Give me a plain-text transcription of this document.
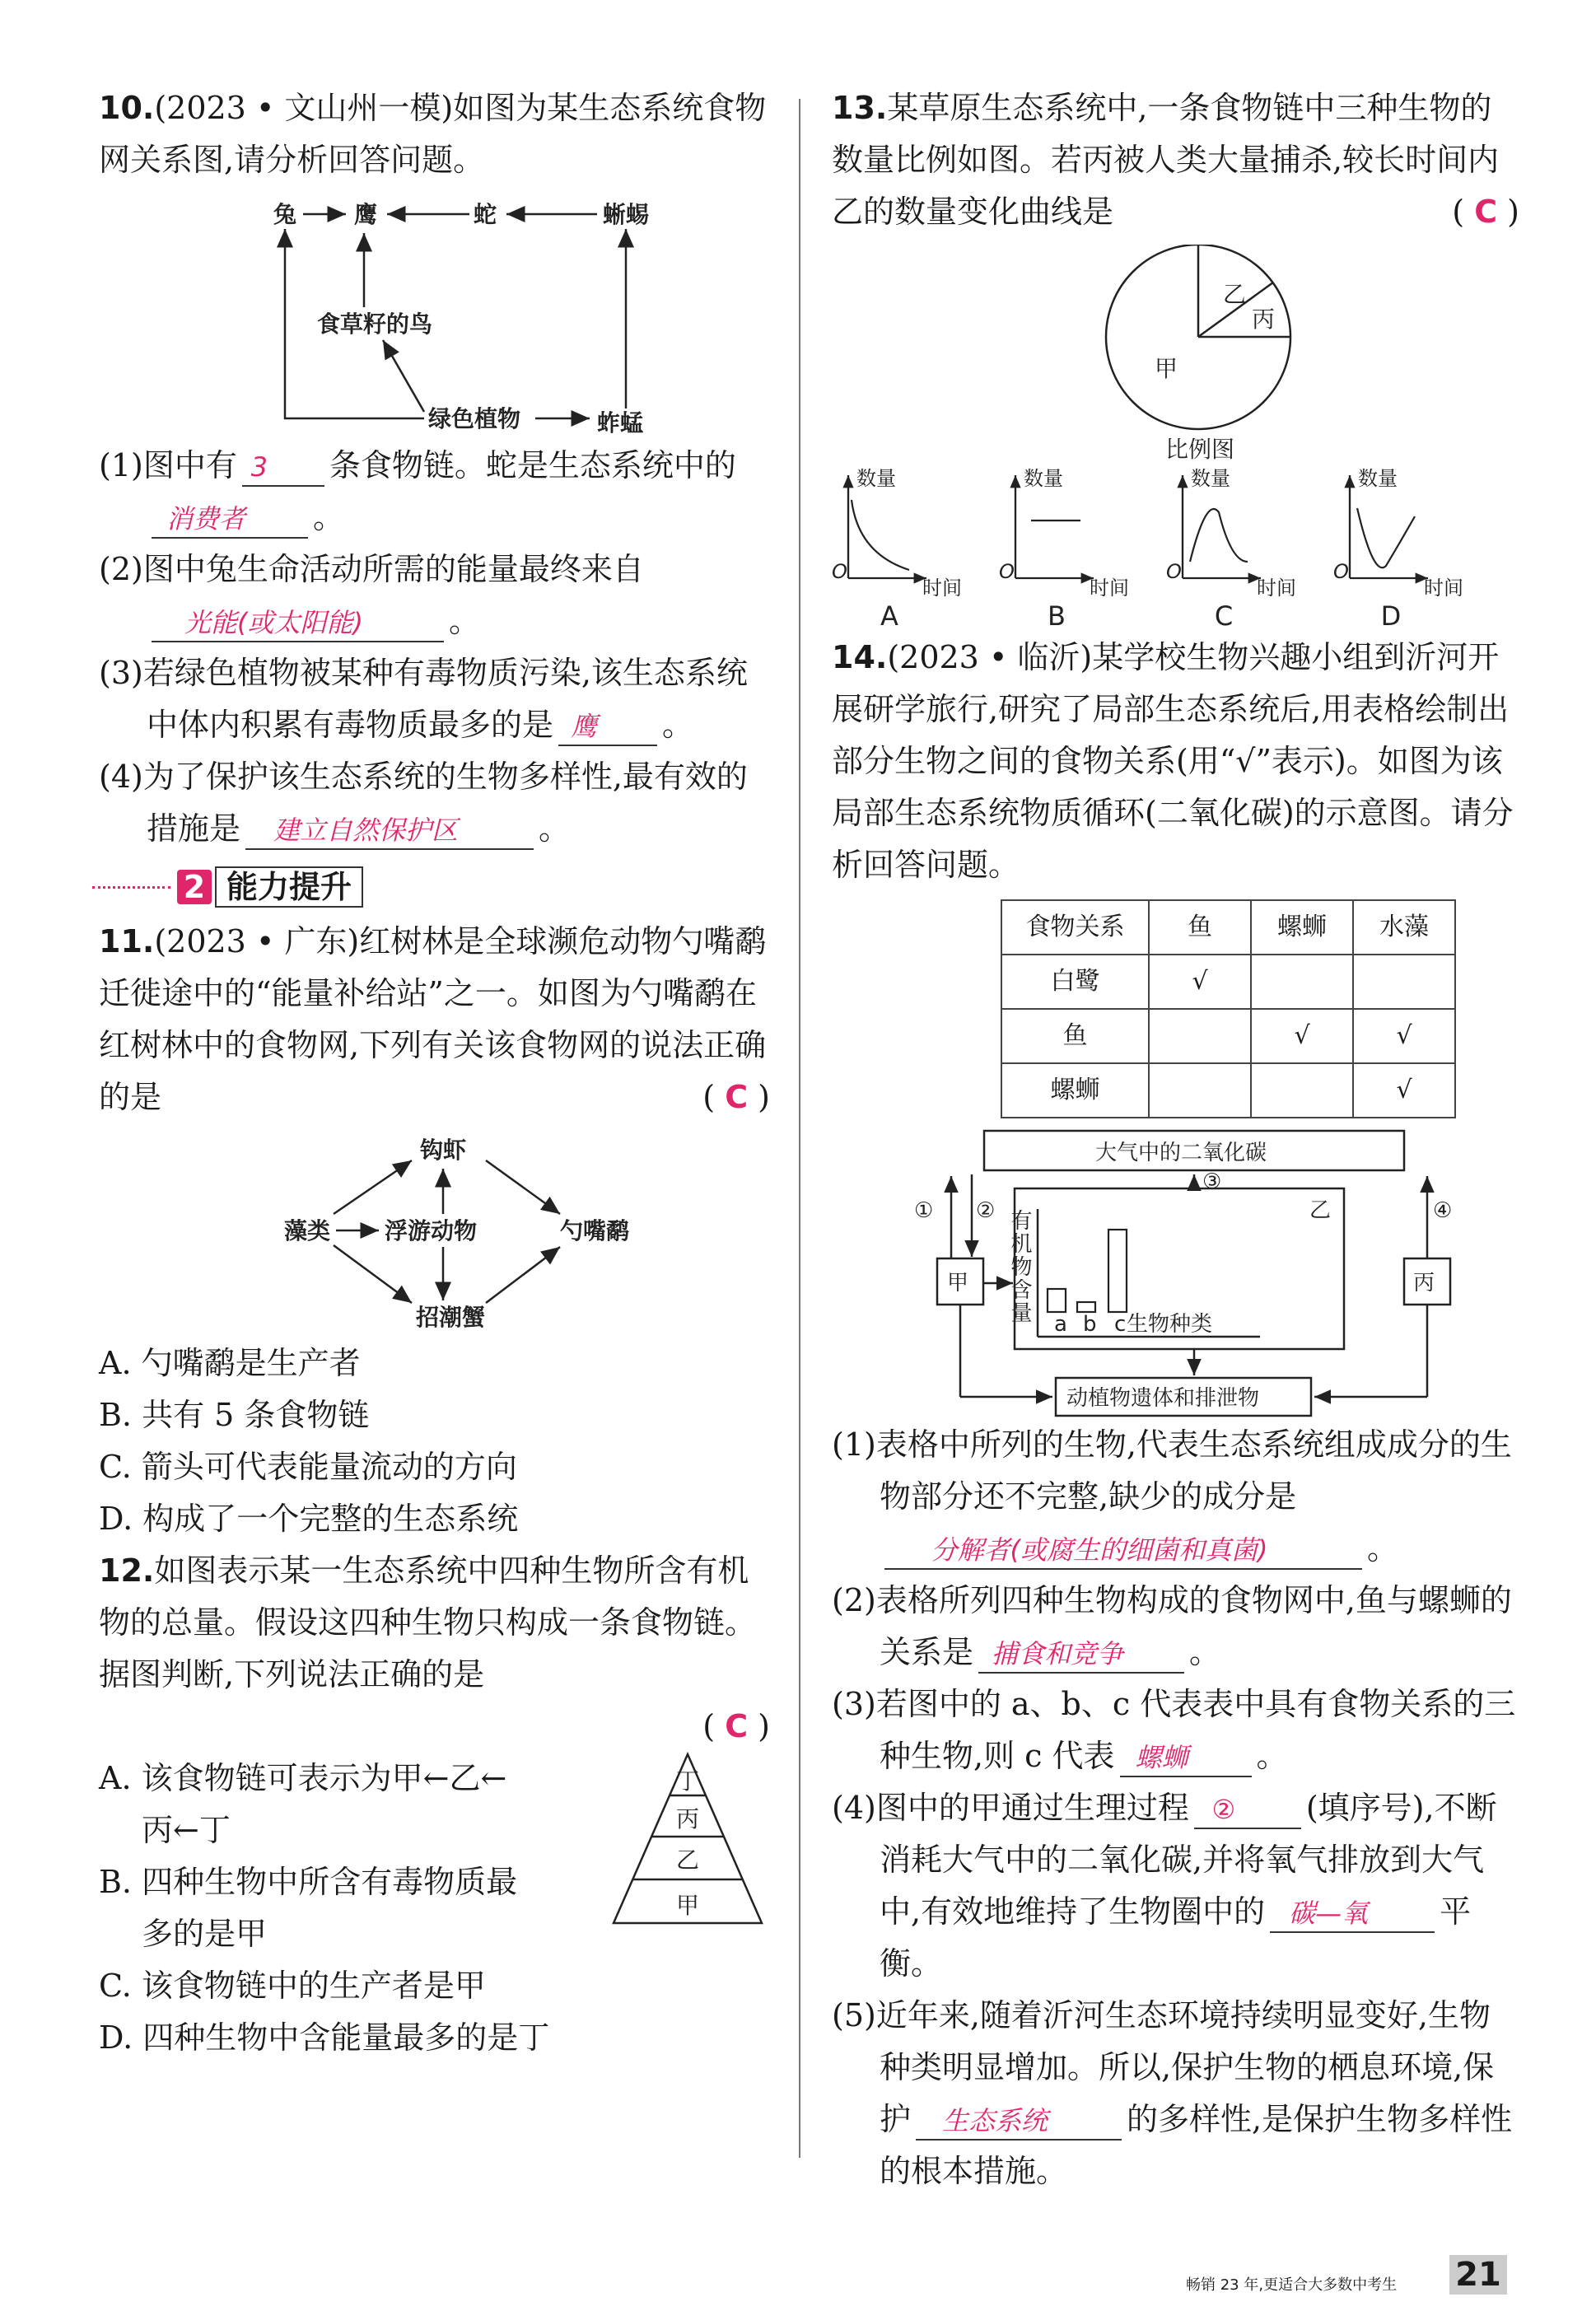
10.(2023 • 文山州一模)如图为某生态系统食物网关系图,请分析回答问题。

兔 鹰	蛇	蜥蜴
食草籽的鸟
绿色植物	蚱蜢

(1)图中有 3 条食物链。蛇是生态系统中的消费者 。

(2)图中兔生命活动所需的能量最终来自光能(或太阳能)	。

(3)若绿色植物被某种有毒物质污染,该生态系统中体内积累有毒物质最多的是 鹰 。

(4)为了保护该生态系统的生物多样性,最有效的措施是 建立自然保护区	。

2 能力提升

11.(2023 • 广东)红树林是全球濒危动物勺嘴鹬迁徙途中的“能量补给站”之一。如图为勺嘴鹬在红树林中的食物网,下列有关该食物网的说法正确的是	( C )

钩虾
藻类 浮游动物	勺嘴鹬
招潮蟹

A. 勺嘴鹬是生产者

B. 共有 5 条食物链

C. 箭头可代表能量流动的方向

D. 构成了一个完整的生态系统

12.如图表示某一生态系统中四种生物所含有机物的总量。假设这四种生物只构成一条食物链。据图判断,下列说法正确的是

( C )

A. 该食物链可表示为甲←乙←
丙←丁

B. 四种生物中所含有毒物质最
多的是甲

C. 该食物链中的生产者是甲

D. 四种生物中含能量最多的是丁

丁
丙
乙
甲

13.某草原生态系统中,一条食物链中三种生物的数量比例如图。若丙被人类大量捕杀,较长时间内乙的数量变化曲线是	( C )

乙
丙
甲
比例图
数量	数量	数量	数量
O	O	O	O
时间	时间	时间	时间
A	B	C	D

14.(2023 • 临沂)某学校生物兴趣小组到沂河开展研学旅行,研究了局部生态系统后,用表格绘制出部分生物之间的食物关系(用“√”表示)。如图为该局部生态系统物质循环(二氧化碳)的示意图。请分析回答问题。

食物关系	鱼	螺蛳	水藻
白鹭	√		
鱼		√	√
螺蛳			√
大气中的二氧化碳
动植物遗体和排泄物
甲	丙
乙
① ②
③
④
a b c 生物种类
有机物含量

(1)表格中所列的生物,代表生态系统组成成分的生物部分还不完整,缺少的成分是分解者(或腐生的细菌和真菌)	。

(2)表格所列四种生物构成的食物网中,鱼与螺蛳的关系是 捕食和竞争 。

(3)若图中的 a、b、c 代表表中具有食物关系的三种生物,则 c 代表 螺蛳 。

(4)图中的甲通过生理过程 ② (填序号),不断消耗大气中的二氧化碳,并将氧气排放到大气中,有效地维持了生物圈中的 碳—氧 平衡。

(5)近年来,随着沂河生态环境持续明显变好,生物种类明显增加。所以,保护生物的栖息环境,保护 生态系统	的多样性,是保护生物多样性的根本措施。

畅销 23 年,更适合大多数中考生 21
